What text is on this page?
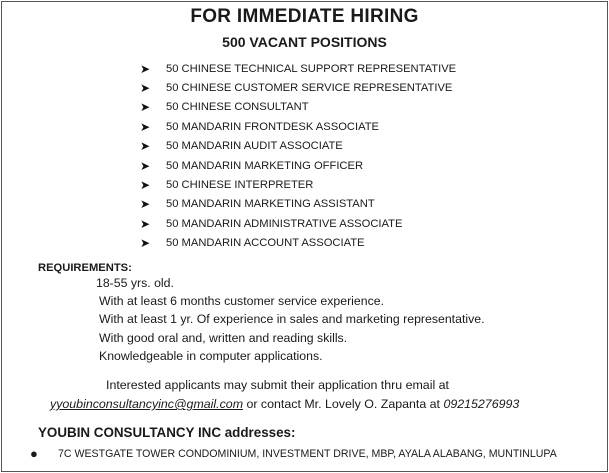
FOR IMMEDIATE HIRING
500 VACANT POSITIONS
➤	50 CHINESE TECHNICAL SUPPORT REPRESENTATIVE
➤	50 CHINESE CUSTOMER SERVICE REPRESENTATIVE
➤	50 CHINESE CONSULTANT
➤	50 MANDARIN FRONTDESK ASSOCIATE
➤	50 MANDARIN AUDIT ASSOCIATE
➤	50 MANDARIN MARKETING OFFICER
➤	50 CHINESE INTERPRETER
➤	50 MANDARIN MARKETING ASSISTANT
➤	50 MANDARIN ADMINISTRATIVE ASSOCIATE
➤	50 MANDARIN ACCOUNT ASSOCIATE
REQUIREMENTS:
18-55 yrs. old.
With at least 6 months customer service experience.
With at least 1 yr. Of experience in sales and marketing representative.
With good oral and, written and reading skills.
Knowledgeable in computer applications.
Interested applicants may submit their application thru email at
yyoubinconsultancyinc@gmail.com or contact Mr. Lovely O. Zapanta at 09215276993
YOUBIN CONSULTANCY INC addresses:
●	7C WESTGATE TOWER CONDOMINIUM, INVESTMENT DRIVE, MBP, AYALA ALABANG, MUNTINLUPA
